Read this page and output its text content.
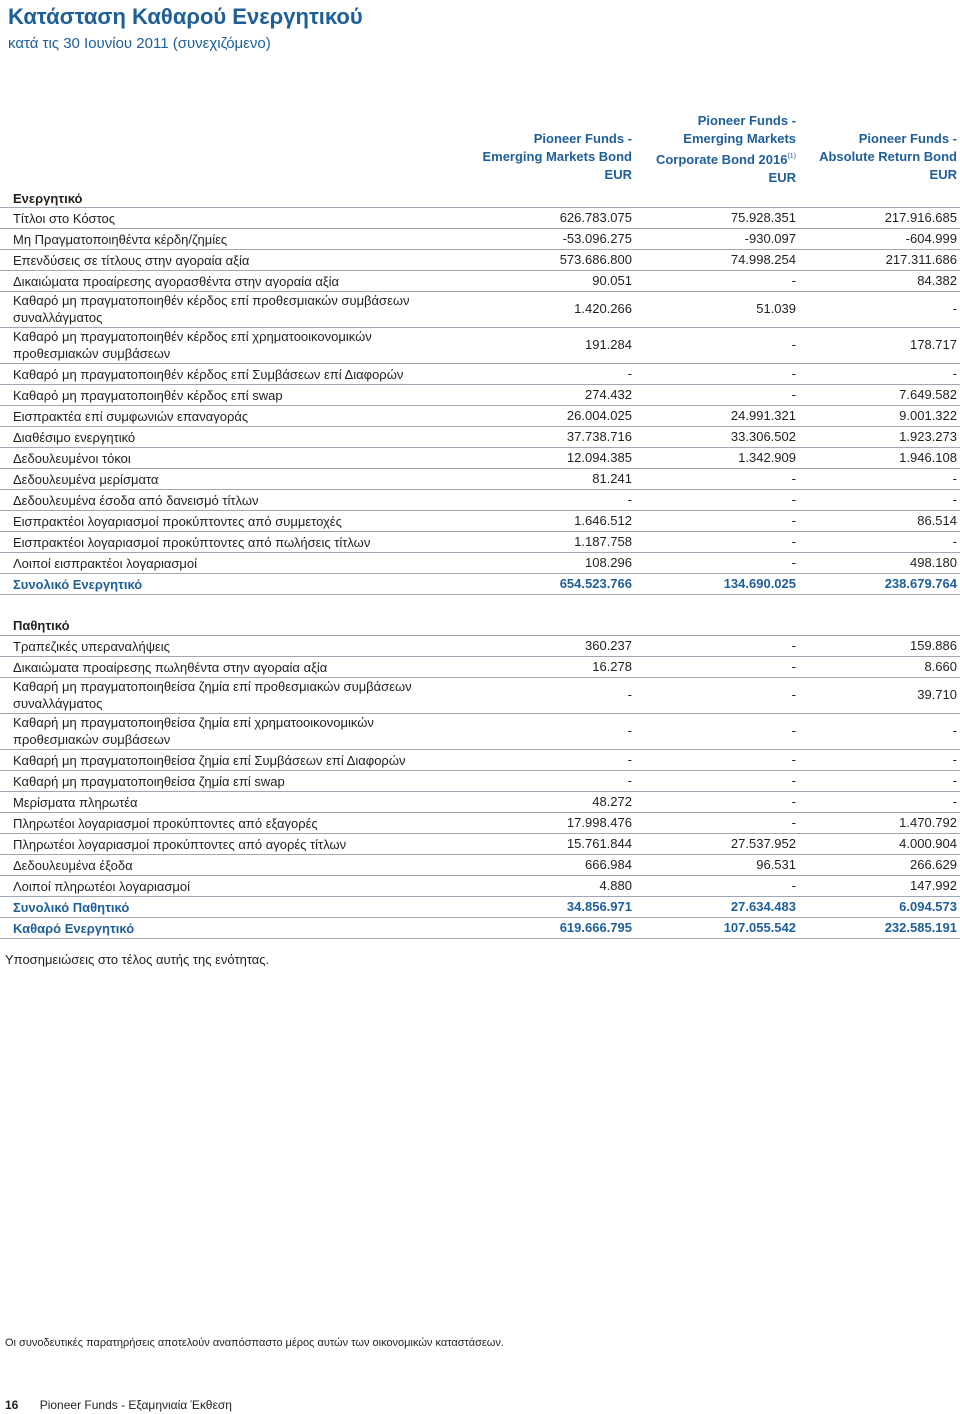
Κατάσταση Καθαρού Ενεργητικού
κατά τις 30 Ιουνίου 2011 (συνεχιζόμενο)
Pioneer Funds -
Emerging Markets Bond
EUR
Pioneer Funds -
Emerging Markets
Corporate Bond 2016$^{(1)}$
EUR
Pioneer Funds -
Absolute Return Bond
EUR
Ενεργητικό
Τίτλοι στο Κόστος	626.783.075	75.928.351	217.916.685
Μη Πραγματοποιηθέντα κέρδη/ζημίες	-53.096.275	-930.097	-604.999
Επενδύσεις σε τίτλους στην αγοραία αξία	573.686.800	74.998.254	217.311.686
Δικαιώματα προαίρεσης αγορασθέντα στην αγοραία αξία	90.051	-	84.382
Καθαρό μη πραγματοποιηθέν κέρδος επί προθεσμιακών συμβάσεων συναλλάγματος
1.420.266	51.039	-
Καθαρό μη πραγματοποιηθέν κέρδος επί χρηματοοικονομικών προθεσμιακών συμβάσεων
191.284	-	178.717
Καθαρό μη πραγματοποιηθέν κέρδος επί Συμβάσεων επί Διαφορών	-	-	-
Καθαρό μη πραγματοποιηθέν κέρδος επί swap	274.432	-	7.649.582
Εισπρακτέα επί συμφωνιών επαναγοράς	26.004.025	24.991.321	9.001.322
Διαθέσιμο ενεργητικό	37.738.716	33.306.502	1.923.273
Δεδουλευμένοι τόκοι	12.094.385	1.342.909	1.946.108
Δεδουλευμένα μερίσματα	81.241	-	-
Δεδουλευμένα έσοδα από δανεισμό τίτλων	-	-	-
Εισπρακτέοι λογαριασμοί προκύπτοντες από συμμετοχές	1.646.512	-	86.514
Εισπρακτέοι λογαριασμοί προκύπτοντες από πωλήσεις τίτλων	1.187.758	-	-
Λοιποί εισπρακτέοι λογαριασμοί	108.296	-	498.180
Συνολικό Ενεργητικό	654.523.766	134.690.025	238.679.764
Παθητικό
Τραπεζικές υπεραναλήψεις	360.237	-	159.886
Δικαιώματα προαίρεσης πωληθέντα στην αγοραία αξία	16.278	-	8.660
Καθαρή μη πραγματοποιηθείσα ζημία επί προθεσμιακών συμβάσεων συναλλάγματος
-	-	39.710
Καθαρή μη πραγματοποιηθείσα ζημία επί χρηματοοικονομικών προθεσμιακών συμβάσεων
-	-	-
Καθαρή μη πραγματοποιηθείσα ζημία επί Συμβάσεων επί Διαφορών	-	-	-
Καθαρή μη πραγματοποιηθείσα ζημία επί swap	-	-	-
Μερίσματα πληρωτέα	48.272	-	-
Πληρωτέοι λογαριασμοί προκύπτοντες από εξαγορές	17.998.476	-	1.470.792
Πληρωτέοι λογαριασμοί προκύπτοντες από αγορές τίτλων	15.761.844	27.537.952	4.000.904
Δεδουλευμένα έξοδα	666.984	96.531	266.629
Λοιποί πληρωτέοι λογαριασμοί	4.880	-	147.992
Συνολικό Παθητικό	34.856.971	27.634.483	6.094.573
Καθαρό Ενεργητικό	619.666.795	107.055.542	232.585.191
Υποσημειώσεις στο τέλος αυτής της ενότητας.
Οι συνοδευτικές παρατηρήσεις αποτελούν αναπόσπαστο μέρος αυτών των οικονομικών καταστάσεων.
16 Pioneer Funds - Εξαμηνιαία Έκθεση
